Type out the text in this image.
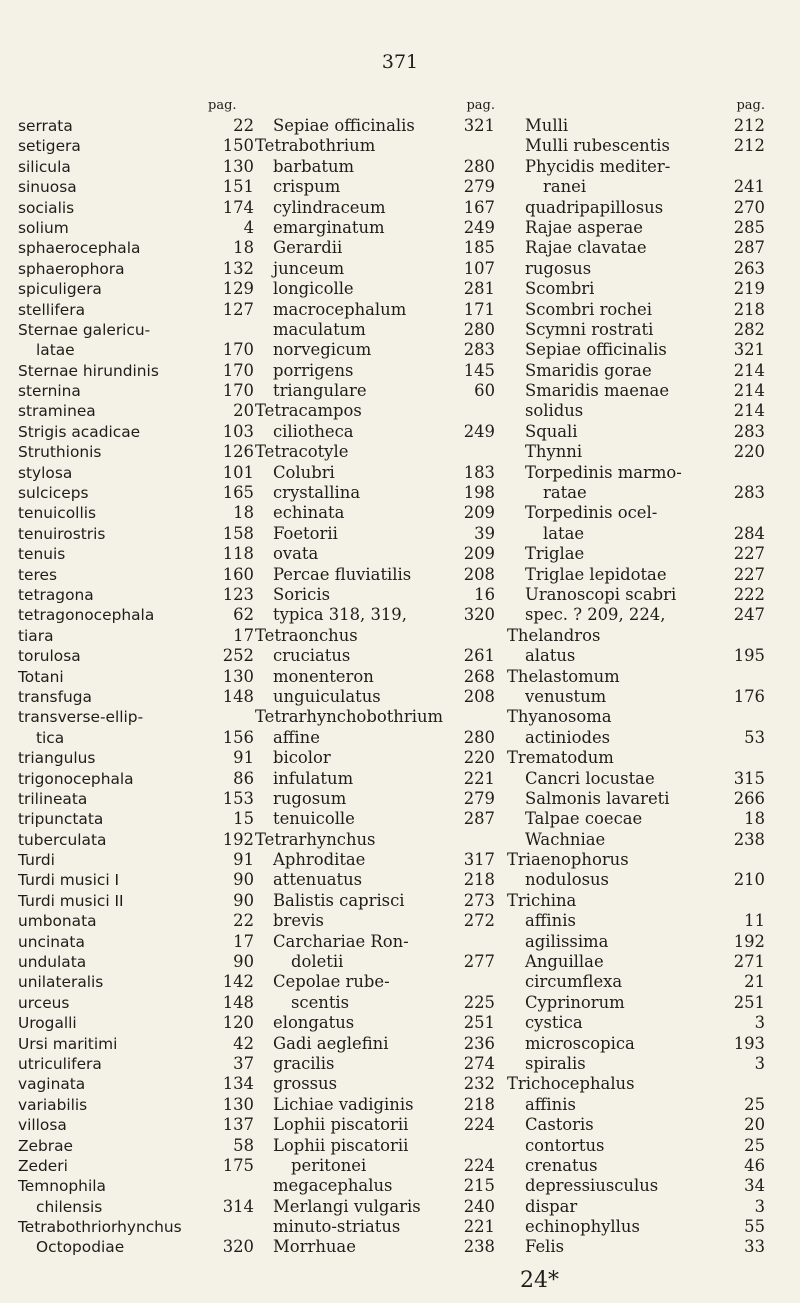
371
pag.
serrata	22
setigera	150
silicula	130
sinuosa	151
socialis	174
solium	4
sphaerocephala	18
sphaerophora	132
spiculigera	129
stellifera	127
Sternae galericu-
latae	170
Sternae hirundinis	170
sternina	170
straminea	20
Strigis acadicae	103
Struthionis	126
stylosa	101
sulciceps	165
tenuicollis	18
tenuirostris	158
tenuis	118
teres	160
tetragona	123
tetragonocephala	62
tiara	17
torulosa	252
Totani	130
transfuga	148
transverse-ellip-
tica	156
triangulus	91
trigonocephala	86
trilineata	153
tripunctata	15
tuberculata	192
Turdi	91
Turdi musici I	90
Turdi musici II	90
umbonata	22
uncinata	17
undulata	90
unilateralis	142
urceus	148
Urogalli	120
Ursi maritimi	42
utriculifera	37
vaginata	134
variabilis	130
villosa	137
Zebrae	58
Zederi	175
Temnophila
chilensis	314
Tetrabothriorhynchus
Octopodiae	320
pag.
Sepiae officinalis	321
Tetrabothrium
barbatum	280
crispum	279
cylindraceum	167
emarginatum	249
Gerardii	185
junceum	107
longicolle	281
macrocephalum	171
maculatum	280
norvegicum	283
porrigens	145
triangulare	60
Tetracampos
ciliotheca	249
Tetracotyle
Colubri	183
crystallina	198
echinata	209
Foetorii	39
ovata	209
Percae fluviatilis	208
Soricis	16
typica 318, 319,	320
Tetraonchus
cruciatus	261
monenteron	268
unguiculatus	208
Tetrarhynchobothrium
affine	280
bicolor	220
infulatum	221
rugosum	279
tenuicolle	287
Tetrarhynchus
Aphroditae	317
attenuatus	218
Balistis caprisci	273
brevis	272
Carchariae Ron-
doletii	277
Cepolae rube-
scentis	225
elongatus	251
Gadi aeglefini	236
gracilis	274
grossus	232
Lichiae vadiginis	218
Lophii piscatorii	224
Lophii piscatorii
peritonei	224
megacephalus	215
Merlangi vulgaris	240
minuto-striatus	221
Morrhuae	238
pag.
Mulli	212
Mulli rubescentis	212
Phycidis mediter-
ranei	241
quadripapillosus	270
Rajae asperae	285
Rajae clavatae	287
rugosus	263
Scombri	219
Scombri rochei	218
Scymni rostrati	282
Sepiae officinalis	321
Smaridis gorae	214
Smaridis maenae	214
solidus	214
Squali	283
Thynni	220
Torpedinis marmo-
ratae	283
Torpedinis ocel-
latae	284
Triglae	227
Triglae lepidotae	227
Uranoscopi scabri	222
spec. ? 209, 224,	247
Thelandros
alatus	195
Thelastomum
venustum	176
Thyanosoma
actiniodes	53
Trematodum
Cancri locustae	315
Salmonis lavareti	266
Talpae coecae	18
Wachniae	238
Triaenophorus
nodulosus	210
Trichina
affinis	11
agilissima	192
Anguillae	271
circumflexa	21
Cyprinorum	251
cystica	3
microscopica	193
spiralis	3
Trichocephalus
affinis	25
Castoris	20
contortus	25
crenatus	46
depressiusculus	34
dispar	3
echinophyllus	55
Felis	33
24*
